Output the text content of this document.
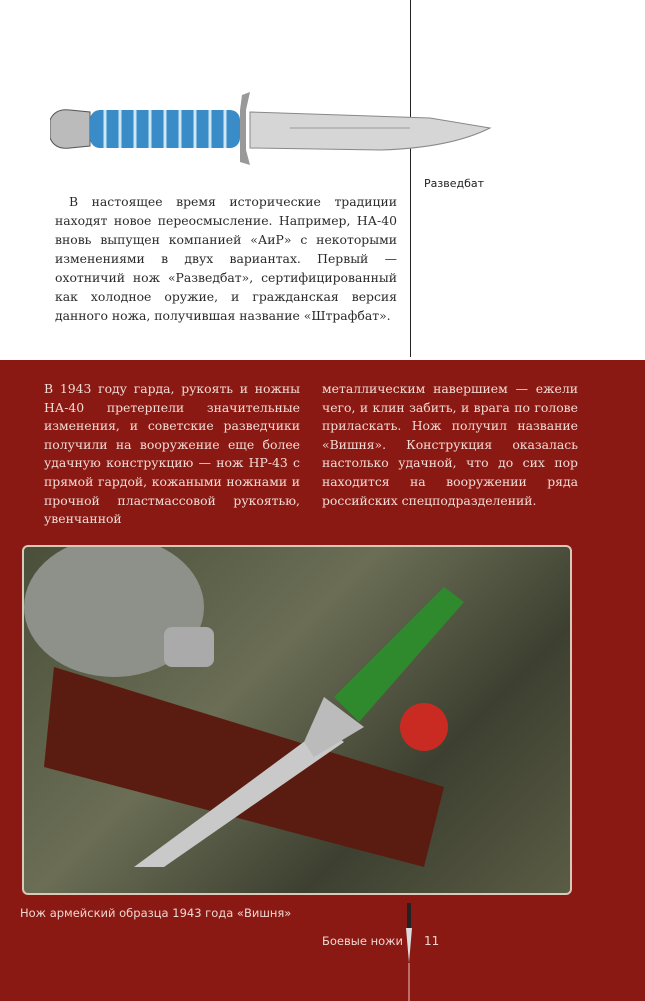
Разведбат
В настоящее время исторические традиции находят новое переосмысление. Например, НА-40 вновь выпущен компанией «АиР» с некоторыми изменениями в двух вариантах. Первый — охотничий нож «Разведбат», сертифицированный как холодное оружие, и гражданская версия данного ножа, получившая название «Штрафбат».
В 1943 году гарда, рукоять и ножны НА-40 претерпели значительные изменения, и советские разведчики получили на вооружение еще более удачную конструкцию — нож НР-43 с прямой гардой, кожаными ножнами и прочной пластмассовой рукоятью, увенчанной
металлическим навершием — ежели чего, и клин забить, и врага по голове приласкать. Нож получил название «Вишня». Конструкция оказалась настолько удачной, что до сих пор находится на вооружении ряда российских спецподразделений.
Нож армейский образца 1943 года «Вишня»
Боевые ножи 11
